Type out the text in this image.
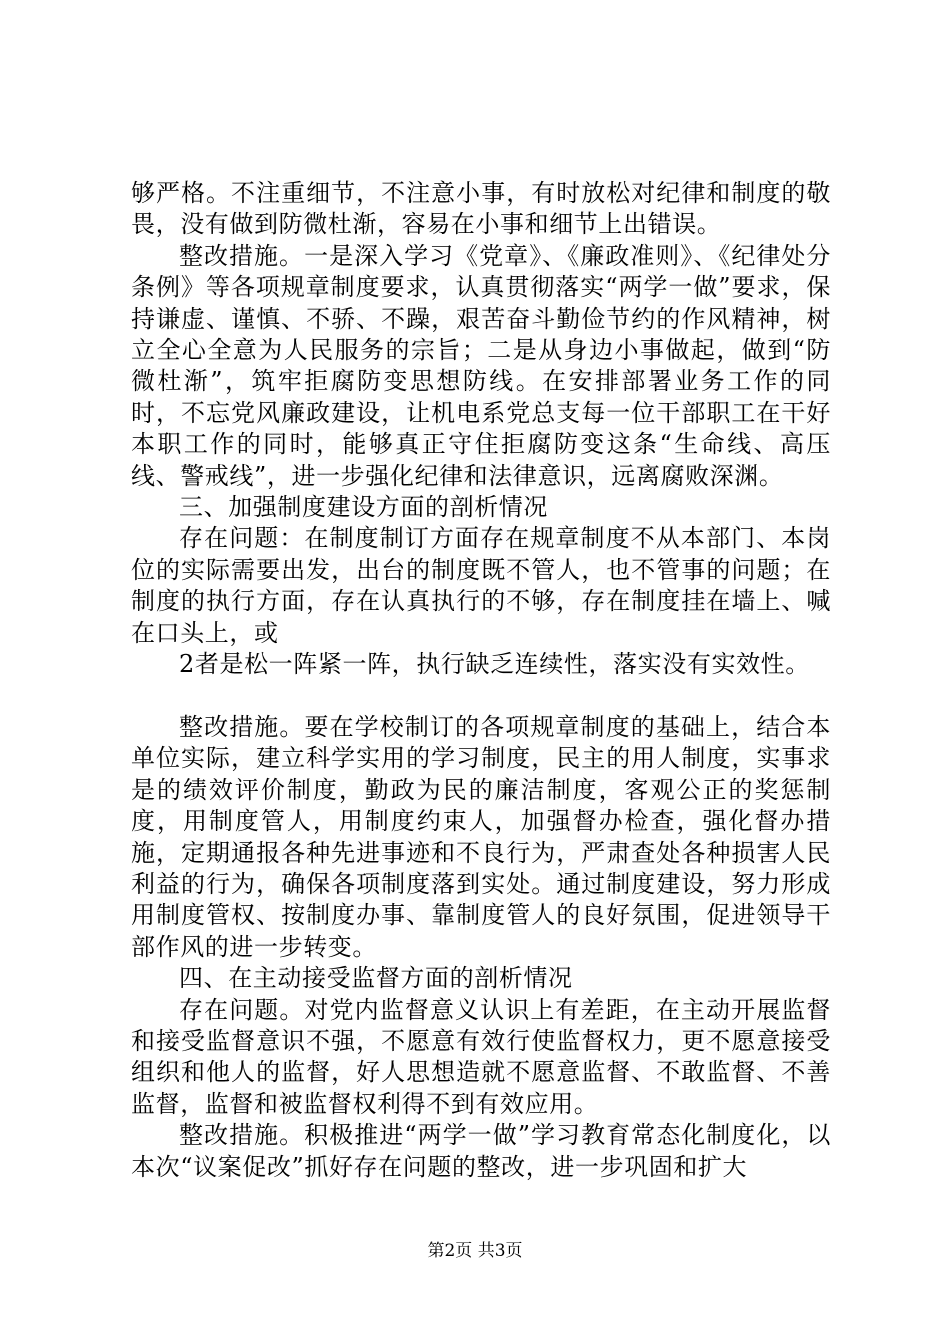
够严格。不注重细节，不注意小事，有时放松对纪律和制度的敬畏，没有做到防微杜渐，容易在小事和细节上出错误。

整改措施。一是深入学习《党章》、《廉政准则》、《纪律处分条例》等各项规章制度要求，认真贯彻落实“两学一做”要求，保持谦虚、谨慎、不骄、不躁，艰苦奋斗勤俭节约的作风精神，树立全心全意为人民服务的宗旨；二是从身边小事做起，做到“防微杜渐”，筑牢拒腐防变思想防线。在安排部署业务工作的同时，不忘党风廉政建设，让机电系党总支每一位干部职工在干好本职工作的同时，能够真正守住拒腐防变这条“生命线、高压线、警戒线”，进一步强化纪律和法律意识，远离腐败深渊。

三、加强制度建设方面的剖析情况

存在问题：在制度制订方面存在规章制度不从本部门、本岗位的实际需要出发，出台的制度既不管人，也不管事的问题；在制度的执行方面，存在认真执行的不够，存在制度挂在墙上、喊在口头上，或

2者是松一阵紧一阵，执行缺乏连续性，落实没有实效性。

整改措施。要在学校制订的各项规章制度的基础上，结合本单位实际，建立科学实用的学习制度，民主的用人制度，实事求是的绩效评价制度，勤政为民的廉洁制度，客观公正的奖惩制度，用制度管人，用制度约束人，加强督办检查，强化督办措施，定期通报各种先进事迹和不良行为，严肃查处各种损害人民利益的行为，确保各项制度落到实处。通过制度建设，努力形成用制度管权、按制度办事、靠制度管人的良好氛围，促进领导干部作风的进一步转变。

四、在主动接受监督方面的剖析情况

存在问题。对党内监督意义认识上有差距，在主动开展监督和接受监督意识不强，不愿意有效行使监督权力，更不愿意接受组织和他人的监督，好人思想造就不愿意监督、不敢监督、不善监督，监督和被监督权利得不到有效应用。

整改措施。积极推进“两学一做”学习教育常态化制度化，以本次“议案促改”抓好存在问题的整改，进一步巩固和扩大

第2页 共3页
